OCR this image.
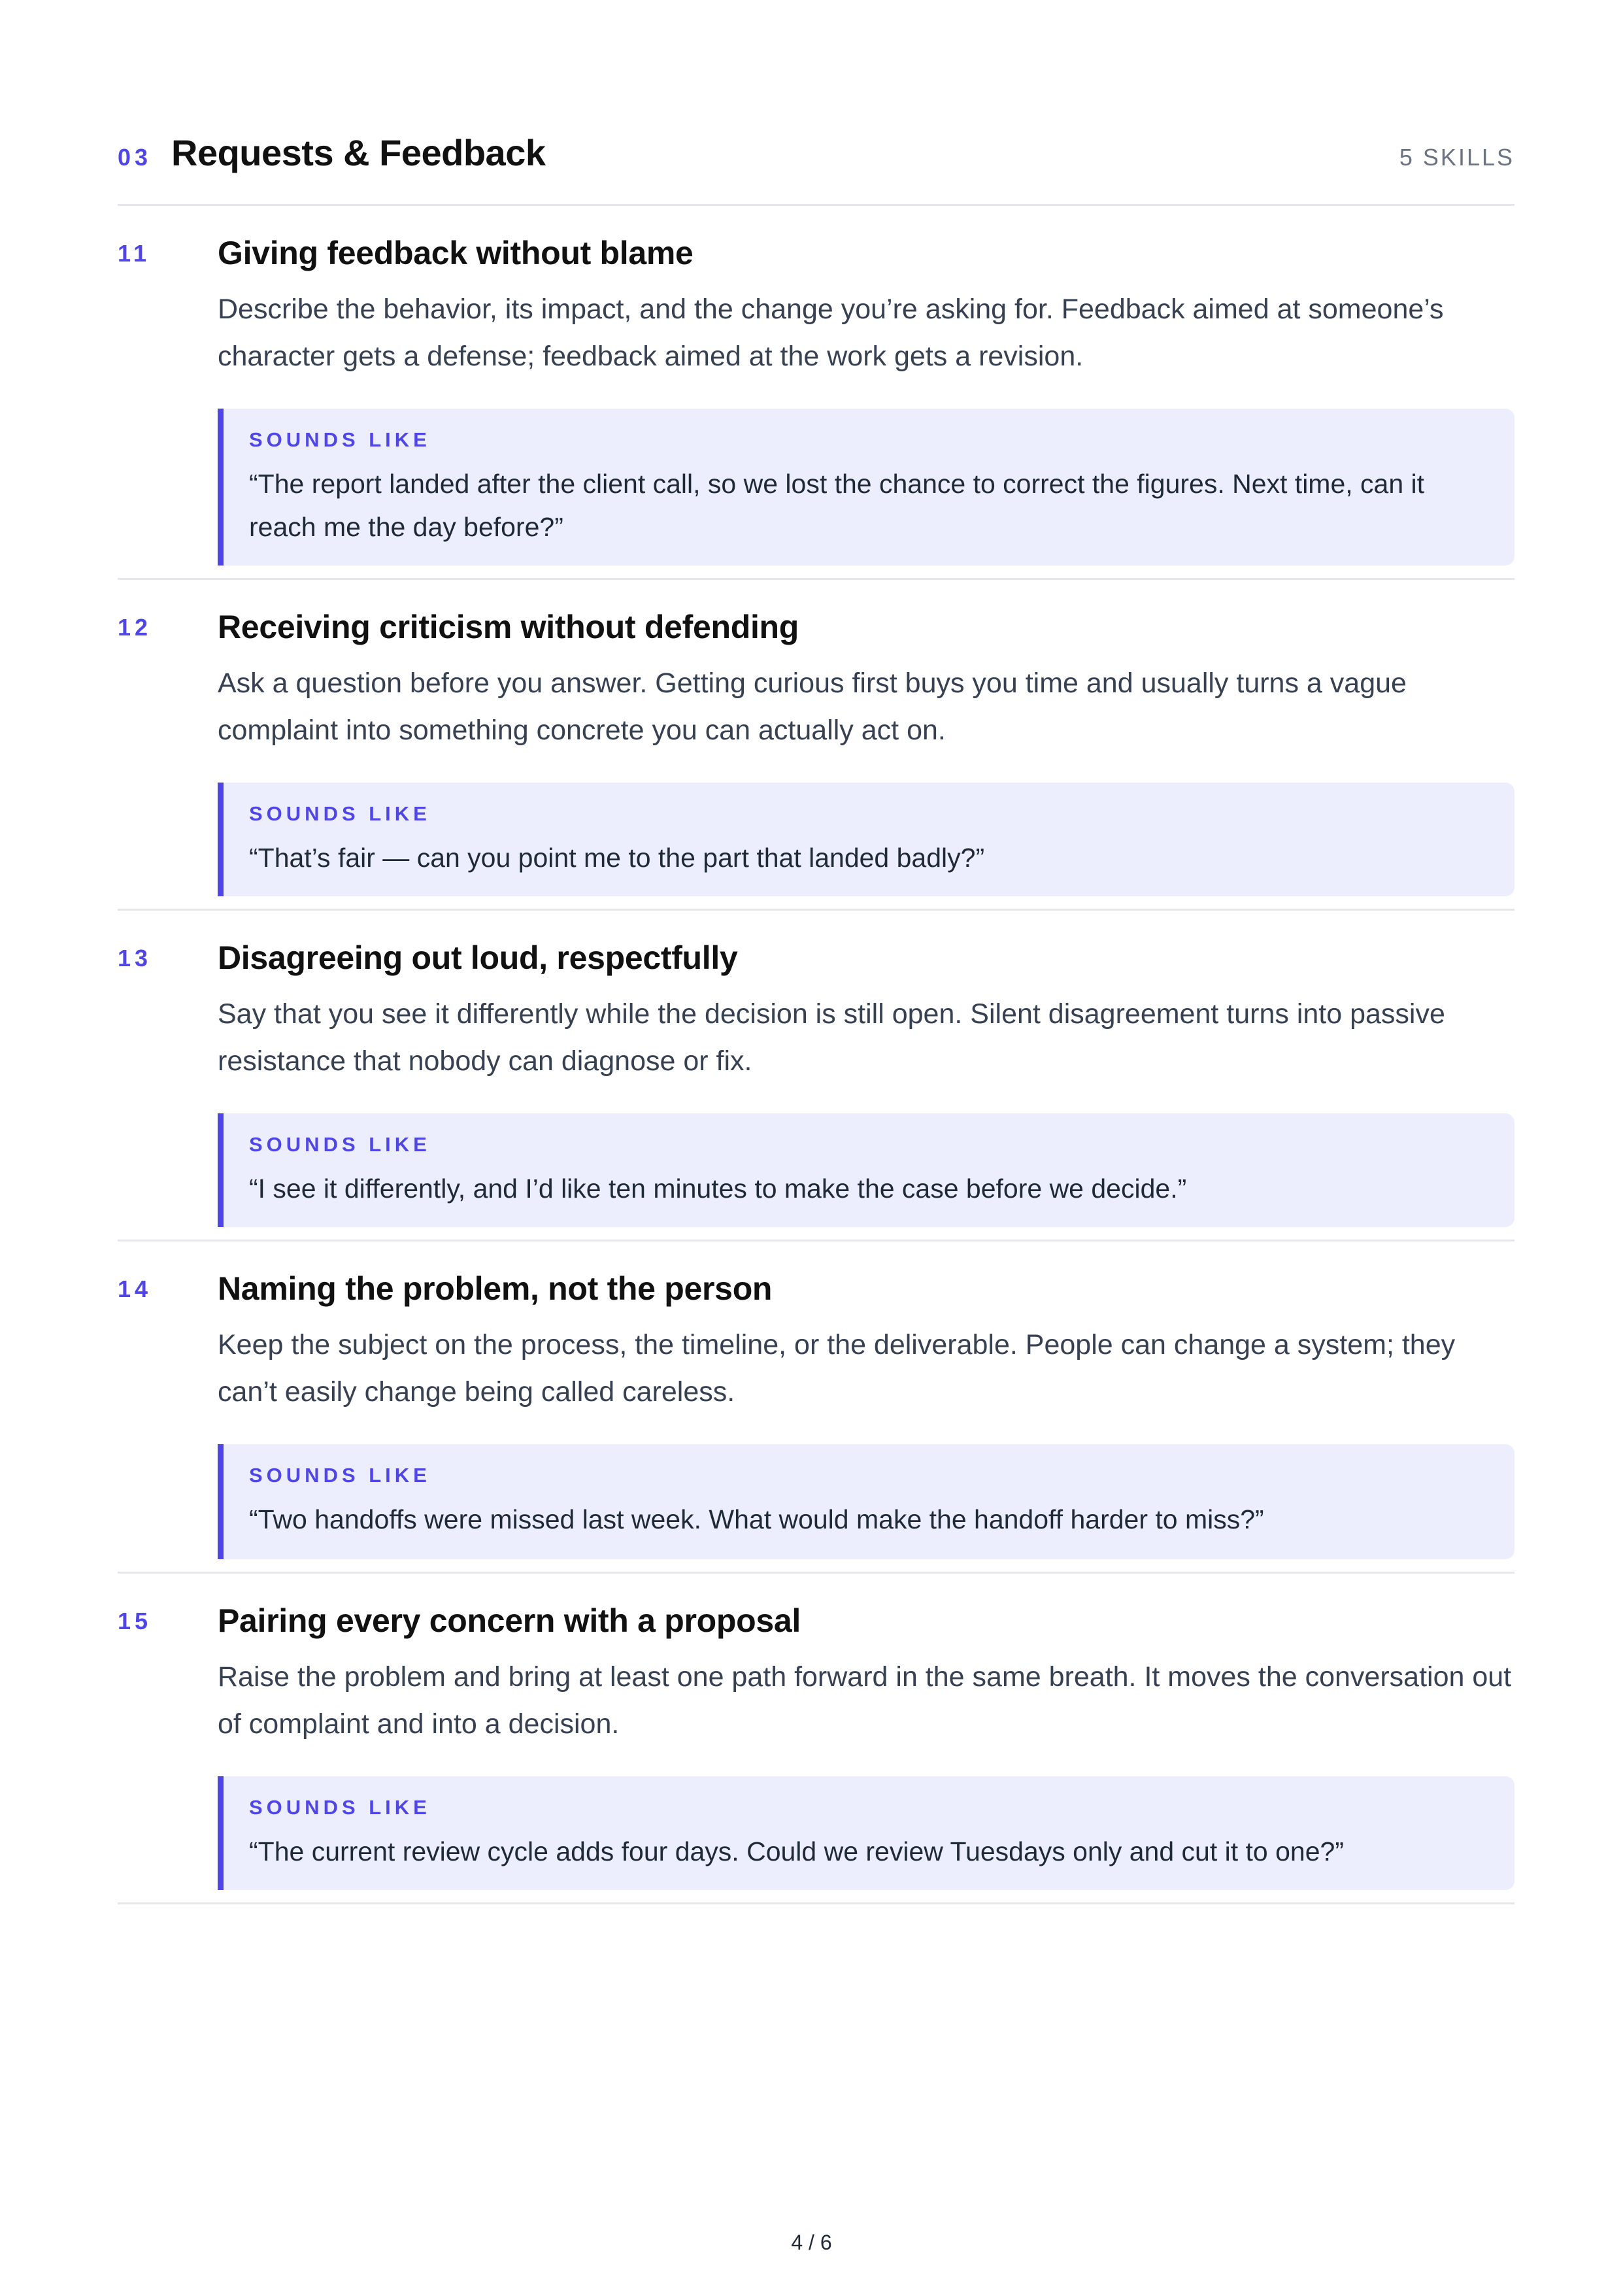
03 Requests & Feedback	5 SKILLS
11 Giving feedback without blame

Describe the behavior, its impact, and the change you’re asking for. Feedback aimed at someone’s character gets a defense; feedback aimed at the work gets a revision.

SOUNDS LIKE
“The report landed after the client call, so we lost the chance to correct the figures. Next time, can it reach me the day before?”
12 Receiving criticism without defending

Ask a question before you answer. Getting curious first buys you time and usually turns a vague complaint into something concrete you can actually act on.

SOUNDS LIKE
“That’s fair — can you point me to the part that landed badly?”
13 Disagreeing out loud, respectfully

Say that you see it differently while the decision is still open. Silent disagreement turns into passive resistance that nobody can diagnose or fix.

SOUNDS LIKE
“I see it differently, and I’d like ten minutes to make the case before we decide.”
14 Naming the problem, not the person

Keep the subject on the process, the timeline, or the deliverable. People can change a system; they can’t easily change being called careless.

SOUNDS LIKE
“Two handoffs were missed last week. What would make the handoff harder to miss?”
15 Pairing every concern with a proposal

Raise the problem and bring at least one path forward in the same breath. It moves the conversation out of complaint and into a decision.

SOUNDS LIKE
“The current review cycle adds four days. Could we review Tuesdays only and cut it to one?”
4 / 6
